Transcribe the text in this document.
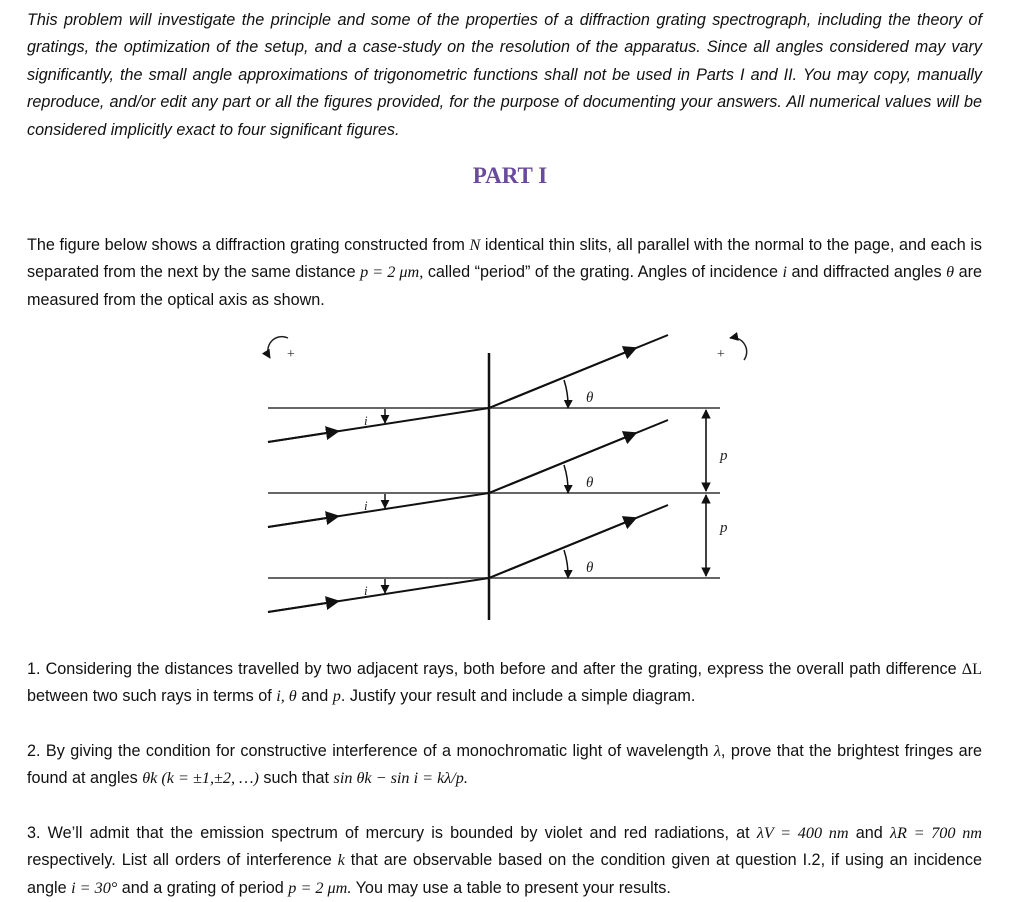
This problem will investigate the principle and some of the properties of a diffraction grating spectrograph, including the theory of gratings, the optimization of the setup, and a case-study on the resolution of the apparatus. Since all angles considered may vary significantly, the small angle approximations of trigonometric functions shall not be used in Parts I and II. You may copy, manually reproduce, and/or edit any part or all the figures provided, for the purpose of documenting your answers. All numerical values will be considered implicitly exact to four significant figures.
PART I
The figure below shows a diffraction grating constructed from N identical thin slits, all parallel with the normal to the page, and each is separated from the next by the same distance p = 2 μm, called “period” of the grating. Angles of incidence i and diffracted angles θ are measured from the optical axis as shown.
+	+
i
i
i
θ
θ
θ
p
p
1. Considering the distances travelled by two adjacent rays, both before and after the grating, express the overall path difference ΔL between two such rays in terms of i, θ and p. Justify your result and include a simple diagram.
2. By giving the condition for constructive interference of a monochromatic light of wavelength λ, prove that the brightest fringes are found at angles θk (k = ±1,±2, …) such that sin θk − sin i = kλ/p.
3. We’ll admit that the emission spectrum of mercury is bounded by violet and red radiations, at λV = 400 nm and λR = 700 nm respectively. List all orders of interference k that are observable based on the condition given at question I.2, if using an incidence angle i = 30° and a grating of period p = 2 μm. You may use a table to present your results.
